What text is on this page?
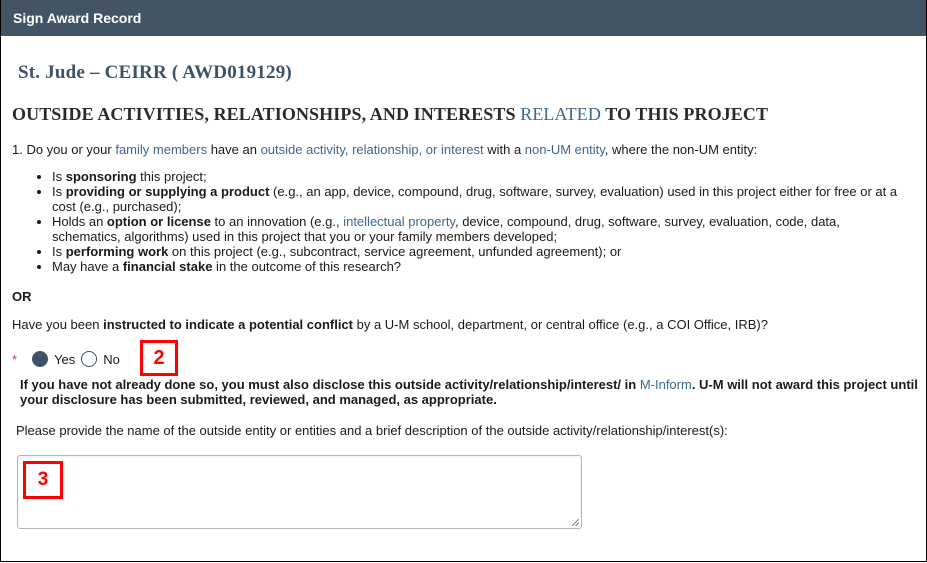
Sign Award Record
St. Jude – CEIRR ( AWD019129)
OUTSIDE ACTIVITIES, RELATIONSHIPS, AND INTERESTS RELATED TO THIS PROJECT
1. Do you or your family members have an outside activity, relationship, or interest with a non-UM entity, where the non-UM entity:
• Is sponsoring this project;
• Is providing or supplying a product (e.g., an app, device, compound, drug, software, survey, evaluation) used in this project either for free or at a cost (e.g., purchased);
• Holds an option or license to an innovation (e.g., intellectual property, device, compound, drug, software, survey, evaluation, code, data, schematics, algorithms) used in this project that you or your family members developed;
• Is performing work on this project (e.g., subcontract, service agreement, unfunded agreement); or
• May have a financial stake in the outcome of this research?
OR
Have you been instructed to indicate a potential conflict by a U-M school, department, or central office (e.g., a COI Office, IRB)?
*	Yes No	2
If you have not already done so, you must also disclose this outside activity/relationship/interest/ in M-Inform. U-M will not award this project until your disclosure has been submitted, reviewed, and managed, as appropriate.
Please provide the name of the outside entity or entities and a brief description of the outside activity/relationship/interest(s):
3
